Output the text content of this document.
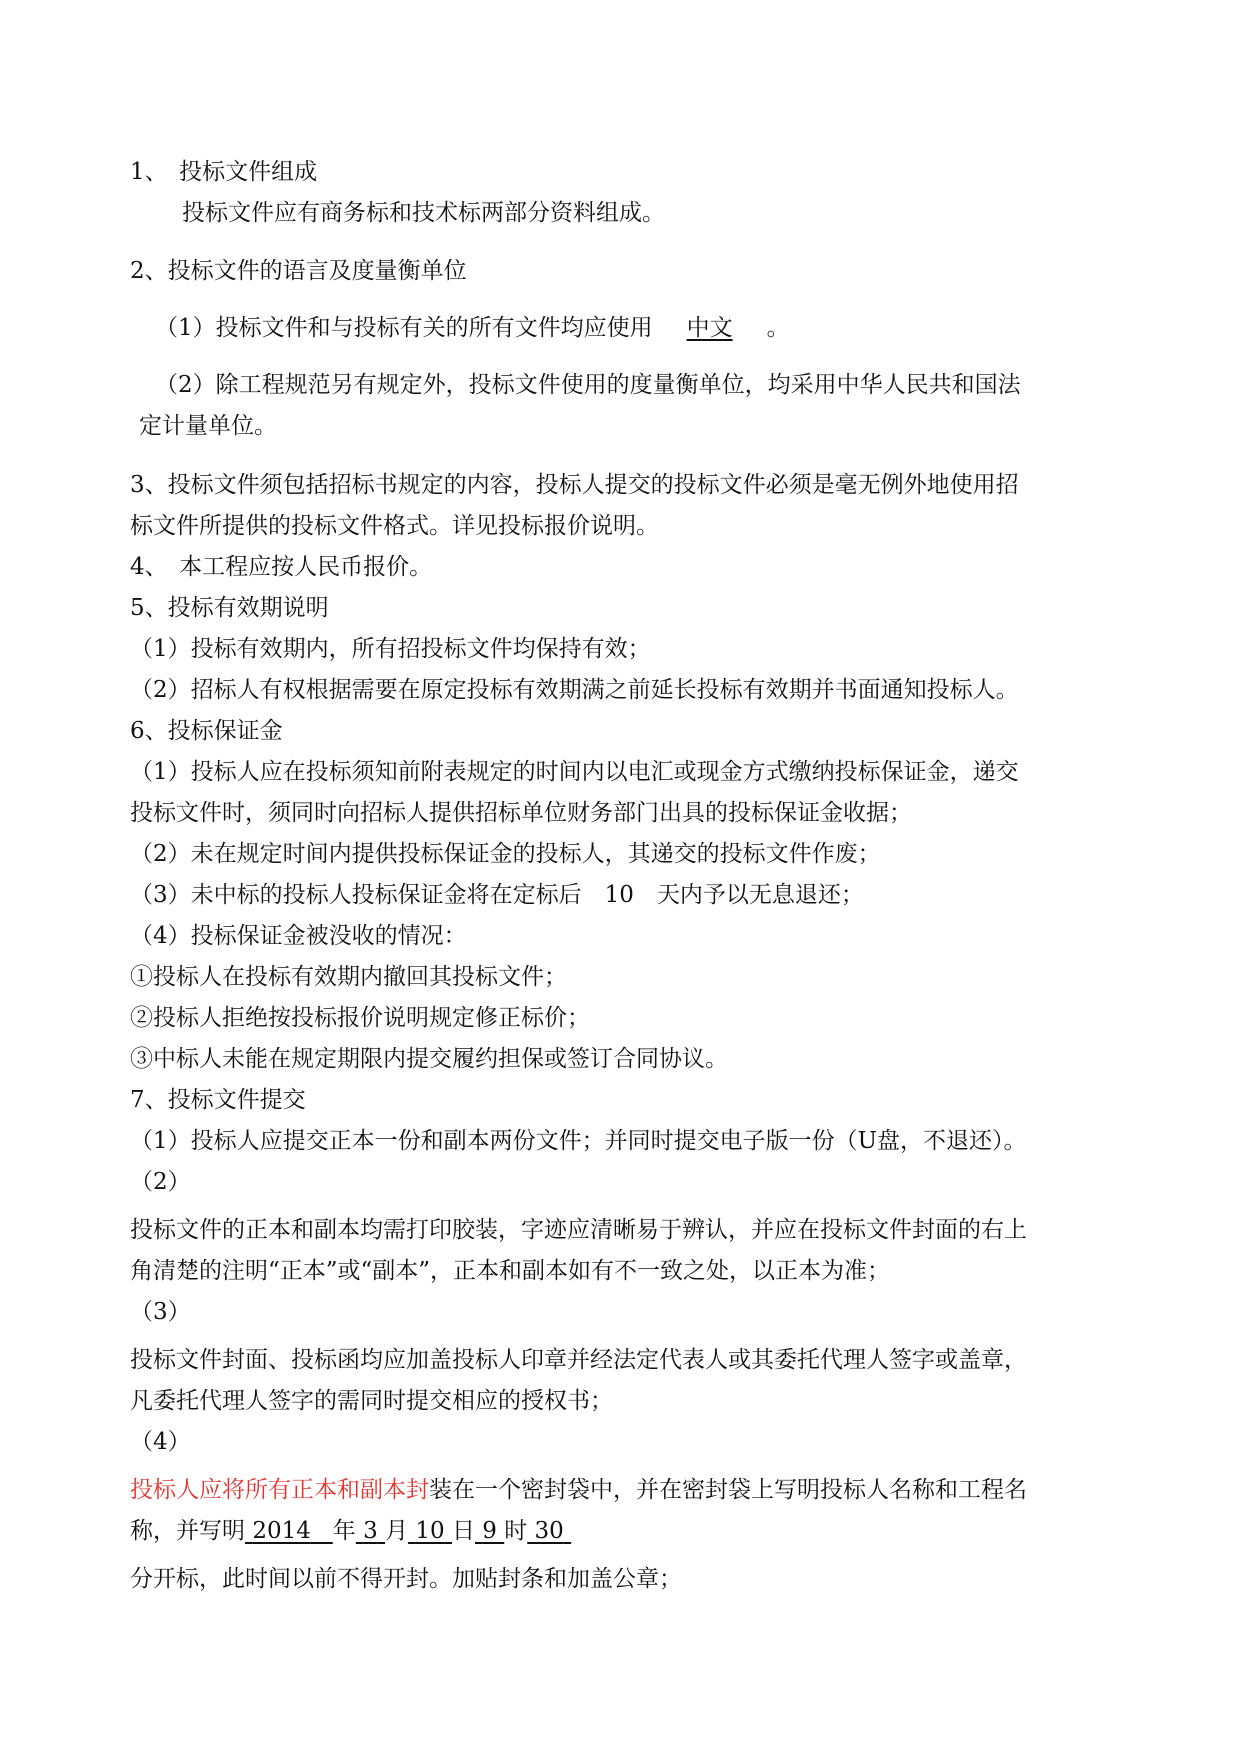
1、　投标文件组成
投标文件应有商务标和技术标两部分资料组成。
2、投标文件的语言及度量衡单位
（1）投标文件和与投标有关的所有文件均应使用 中文 。
（2）除工程规范另有规定外，投标文件使用的度量衡单位，均采用中华人民共和国法
定计量单位。
3、投标文件须包括招标书规定的内容，投标人提交的投标文件必须是毫无例外地使用招
标文件所提供的投标文件格式。详见投标报价说明。
4、　本工程应按人民币报价。
5、投标有效期说明
（1）投标有效期内，所有招投标文件均保持有效；
（2）招标人有权根据需要在原定投标有效期满之前延长投标有效期并书面通知投标人。
6、投标保证金
（1）投标人应在投标须知前附表规定的时间内以电汇或现金方式缴纳投标保证金，递交
投标文件时，须同时向招标人提供招标单位财务部门出具的投标保证金收据；
（2）未在规定时间内提供投标保证金的投标人，其递交的投标文件作废；
（3）未中标的投标人投标保证金将在定标后　10　天内予以无息退还；
（4）投标保证金被没收的情况：
①投标人在投标有效期内撤回其投标文件；
②投标人拒绝按投标报价说明规定修正标价；
③中标人未能在规定期限内提交履约担保或签订合同协议。
7、投标文件提交
（1）投标人应提交正本一份和副本两份文件；并同时提交电子版一份（U盘，不退还）。
（2）
投标文件的正本和副本均需打印胶装，字迹应清晰易于辨认，并应在投标文件封面的右上
角清楚的注明“正本”或“副本”，正本和副本如有不一致之处，以正本为准；
（3）
投标文件封面、投标函均应加盖投标人印章并经法定代表人或其委托代理人签字或盖章，
凡委托代理人签字的需同时提交相应的授权书；
（4）
投标人应将所有正本和副本封装在一个密封袋中，并在密封袋上写明投标人名称和工程名
称，并写明 2014 年 3 月 10 日 9 时 30
分开标，此时间以前不得开封。加贴封条和加盖公章；
